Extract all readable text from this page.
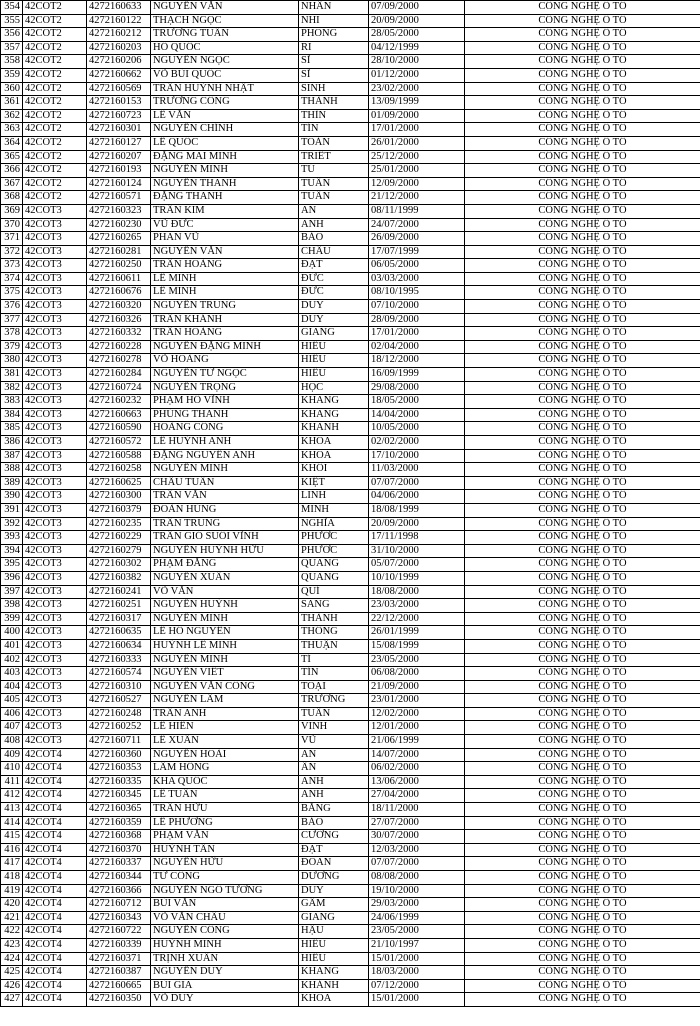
354	42COT2	4272160633	NGUYỄN VĂN	NHÂN	07/09/2000	CÔNG NGHỆ Ô TÔ
355	42COT2	4272160122	THẠCH NGỌC	NHI	20/09/2000	CÔNG NGHỆ Ô TÔ
356	42COT2	4272160212	TRƯƠNG TUẤN	PHONG	28/05/2000	CÔNG NGHỆ Ô TÔ
357	42COT2	4272160203	HỒ QUỐC	RI	04/12/1999	CÔNG NGHỆ Ô TÔ
358	42COT2	4272160206	NGUYỄN NGỌC	SĨ	28/10/2000	CÔNG NGHỆ Ô TÔ
359	42COT2	4272160662	VÕ BÙI QUỐC	SĨ	01/12/2000	CÔNG NGHỆ Ô TÔ
360	42COT2	4272160569	TRẦN HUỲNH NHẬT	SINH	23/02/2000	CÔNG NGHỆ Ô TÔ
361	42COT2	4272160153	TRƯƠNG CÔNG	THÀNH	13/09/1999	CÔNG NGHỆ Ô TÔ
362	42COT2	4272160723	LÊ VĂN	THÌN	01/09/2000	CÔNG NGHỆ Ô TÔ
363	42COT2	4272160301	NGUYỄN CHÍNH	TÍN	17/01/2000	CÔNG NGHỆ Ô TÔ
364	42COT2	4272160127	LÊ QUỐC	TOÀN	26/01/2000	CÔNG NGHỆ Ô TÔ
365	42COT2	4272160207	ĐẶNG MAI MINH	TRIẾT	25/12/2000	CÔNG NGHỆ Ô TÔ
366	42COT2	4272160193	NGUYỄN MINH	TÚ	25/01/2000	CÔNG NGHỆ Ô TÔ
367	42COT2	4272160124	NGUYỄN THANH	TUẤN	12/09/2000	CÔNG NGHỆ Ô TÔ
368	42COT2	4272160571	ĐẶNG THANH	TUẤN	21/12/2000	CÔNG NGHỆ Ô TÔ
369	42COT3	4272160323	TRẦN KIM	AN	08/11/1999	CÔNG NGHỆ Ô TÔ
370	42COT3	4272160230	VŨ ĐỨC	ANH	24/07/2000	CÔNG NGHỆ Ô TÔ
371	42COT3	4272160265	PHAN VŨ	BẢO	26/09/2000	CÔNG NGHỆ Ô TÔ
372	42COT3	4272160281	NGUYỄN VĂN	CHÂU	17/07/1999	CÔNG NGHỆ Ô TÔ
373	42COT3	4272160250	TRẦN HOÀNG	ĐẠT	06/05/2000	CÔNG NGHỆ Ô TÔ
374	42COT3	4272160611	LÊ MINH	ĐỨC	03/03/2000	CÔNG NGHỆ Ô TÔ
375	42COT3	4272160676	LÊ MINH	ĐỨC	08/10/1995	CÔNG NGHỆ Ô TÔ
376	42COT3	4272160320	NGUYỄN TRUNG	DUY	07/10/2000	CÔNG NGHỆ Ô TÔ
377	42COT3	4272160326	TRẦN KHÁNH	DUY	28/09/2000	CÔNG NGHỆ Ô TÔ
378	42COT3	4272160332	TRẦN HOÀNG	GIANG	17/01/2000	CÔNG NGHỆ Ô TÔ
379	42COT3	4272160228	NGUYỄN ĐẶNG MINH	HIẾU	02/04/2000	CÔNG NGHỆ Ô TÔ
380	42COT3	4272160278	VÕ HOÀNG	HIẾU	18/12/2000	CÔNG NGHỆ Ô TÔ
381	42COT3	4272160284	NGUYỄN TỪ NGỌC	HIẾU	16/09/1999	CÔNG NGHỆ Ô TÔ
382	42COT3	4272160724	NGUYỄN TRỌNG	HỌC	29/08/2000	CÔNG NGHỆ Ô TÔ
383	42COT3	4272160232	PHẠM HỒ VĨNH	KHANG	18/05/2000	CÔNG NGHỆ Ô TÔ
384	42COT3	4272160663	PHÙNG THANH	KHANG	14/04/2000	CÔNG NGHỆ Ô TÔ
385	42COT3	4272160590	HOÀNG CÔNG	KHANH	10/05/2000	CÔNG NGHỆ Ô TÔ
386	42COT3	4272160572	LÊ HUỲNH ANH	KHOA	02/02/2000	CÔNG NGHỆ Ô TÔ
387	42COT3	4272160588	ĐẶNG NGUYÊN ANH	KHOA	17/10/2000	CÔNG NGHỆ Ô TÔ
388	42COT3	4272160258	NGUYỄN MINH	KHÔI	11/03/2000	CÔNG NGHỆ Ô TÔ
389	42COT3	4272160625	CHÂU TUẤN	KIỆT	07/07/2000	CÔNG NGHỆ Ô TÔ
390	42COT3	4272160300	TRẦN VĂN	LINH	04/06/2000	CÔNG NGHỆ Ô TÔ
391	42COT3	4272160379	ĐOÀN HÙNG	MINH	18/08/1999	CÔNG NGHỆ Ô TÔ
392	42COT3	4272160235	TRẦN TRUNG	NGHĨA	20/09/2000	CÔNG NGHỆ Ô TÔ
393	42COT3	4272160229	TRẦN GIÓ SUỐI VĨNH	PHƯỚC	17/11/1998	CÔNG NGHỆ Ô TÔ
394	42COT3	4272160279	NGUYỄN HUỲNH HỮU	PHƯỚC	31/10/2000	CÔNG NGHỆ Ô TÔ
395	42COT3	4272160302	PHẠM ĐĂNG	QUANG	05/07/2000	CÔNG NGHỆ Ô TÔ
396	42COT3	4272160382	NGUYỄN XUÂN	QUANG	10/10/1999	CÔNG NGHỆ Ô TÔ
397	42COT3	4272160241	VÕ VĂN	QUÍ	18/08/2000	CÔNG NGHỆ Ô TÔ
398	42COT3	4272160251	NGUYỄN HUỲNH	SANG	23/03/2000	CÔNG NGHỆ Ô TÔ
399	42COT3	4272160317	NGUYỄN MINH	THÀNH	22/12/2000	CÔNG NGHỆ Ô TÔ
400	42COT3	4272160635	LÊ HỒ NGUYÊN	THÔNG	26/01/1999	CÔNG NGHỆ Ô TÔ
401	42COT3	4272160634	HUỲNH LÊ MINH	THUẬN	15/08/1999	CÔNG NGHỆ Ô TÔ
402	42COT3	4272160333	NGUYỄN MINH	TÍ	23/05/2000	CÔNG NGHỆ Ô TÔ
403	42COT3	4272160574	NGUYỄN VIẾT	TÍN	06/08/2000	CÔNG NGHỆ Ô TÔ
404	42COT3	4272160310	NGUYỄN VĂN CÔNG	TOẠI	21/09/2000	CÔNG NGHỆ Ô TÔ
405	42COT3	4272160527	NGUYỄN LÂM	TRƯỜNG	23/01/2000	CÔNG NGHỆ Ô TÔ
406	42COT3	4272160248	TRẦN ANH	TUẤN	12/02/2000	CÔNG NGHỆ Ô TÔ
407	42COT3	4272160252	LÊ HIỀN	VINH	12/01/2000	CÔNG NGHỆ Ô TÔ
408	42COT3	4272160711	LÊ XUÂN	VŨ	21/06/1999	CÔNG NGHỆ Ô TÔ
409	42COT4	4272160360	NGUYỄN HOÀI	AN	14/07/2000	CÔNG NGHỆ Ô TÔ
410	42COT4	4272160353	LÂM HỒNG	ÂN	06/02/2000	CÔNG NGHỆ Ô TÔ
411	42COT4	4272160335	KHA QUỐC	ANH	13/06/2000	CÔNG NGHỆ Ô TÔ
412	42COT4	4272160345	LÊ TUẤN	ANH	27/04/2000	CÔNG NGHỆ Ô TÔ
413	42COT4	4272160365	TRẦN HỮU	BẰNG	18/11/2000	CÔNG NGHỆ Ô TÔ
414	42COT4	4272160359	LÊ PHƯƠNG	BẢO	27/07/2000	CÔNG NGHỆ Ô TÔ
415	42COT4	4272160368	PHẠM VĂN	CƯỜNG	30/07/2000	CÔNG NGHỆ Ô TÔ
416	42COT4	4272160370	HUỲNH TẤN	ĐẠT	12/03/2000	CÔNG NGHỆ Ô TÔ
417	42COT4	4272160337	NGUYỄN HỮU	ĐOAN	07/07/2000	CÔNG NGHỆ Ô TÔ
418	42COT4	4272160344	TỪ CÔNG	DƯƠNG	08/08/2000	CÔNG NGHỆ Ô TÔ
419	42COT4	4272160366	NGUYỄN NGÔ TƯỜNG	DUY	19/10/2000	CÔNG NGHỆ Ô TÔ
420	42COT4	4272160712	BÙI VĂN	GẤM	29/03/2000	CÔNG NGHỆ Ô TÔ
421	42COT4	4272160343	VÕ VĂN CHÂU	GIANG	24/06/1999	CÔNG NGHỆ Ô TÔ
422	42COT4	4272160722	NGUYỄN CÔNG	HẬU	23/05/2000	CÔNG NGHỆ Ô TÔ
423	42COT4	4272160339	HUỲNH MINH	HIẾU	21/10/1997	CÔNG NGHỆ Ô TÔ
424	42COT4	4272160371	TRỊNH XUÂN	HIẾU	15/01/2000	CÔNG NGHỆ Ô TÔ
425	42COT4	4272160387	NGUYỄN DUY	KHANG	18/03/2000	CÔNG NGHỆ Ô TÔ
426	42COT4	4272160665	BÙI GIA	KHÁNH	07/12/2000	CÔNG NGHỆ Ô TÔ
427	42COT4	4272160350	VÕ DUY	KHOA	15/01/2000	CÔNG NGHỆ Ô TÔ
